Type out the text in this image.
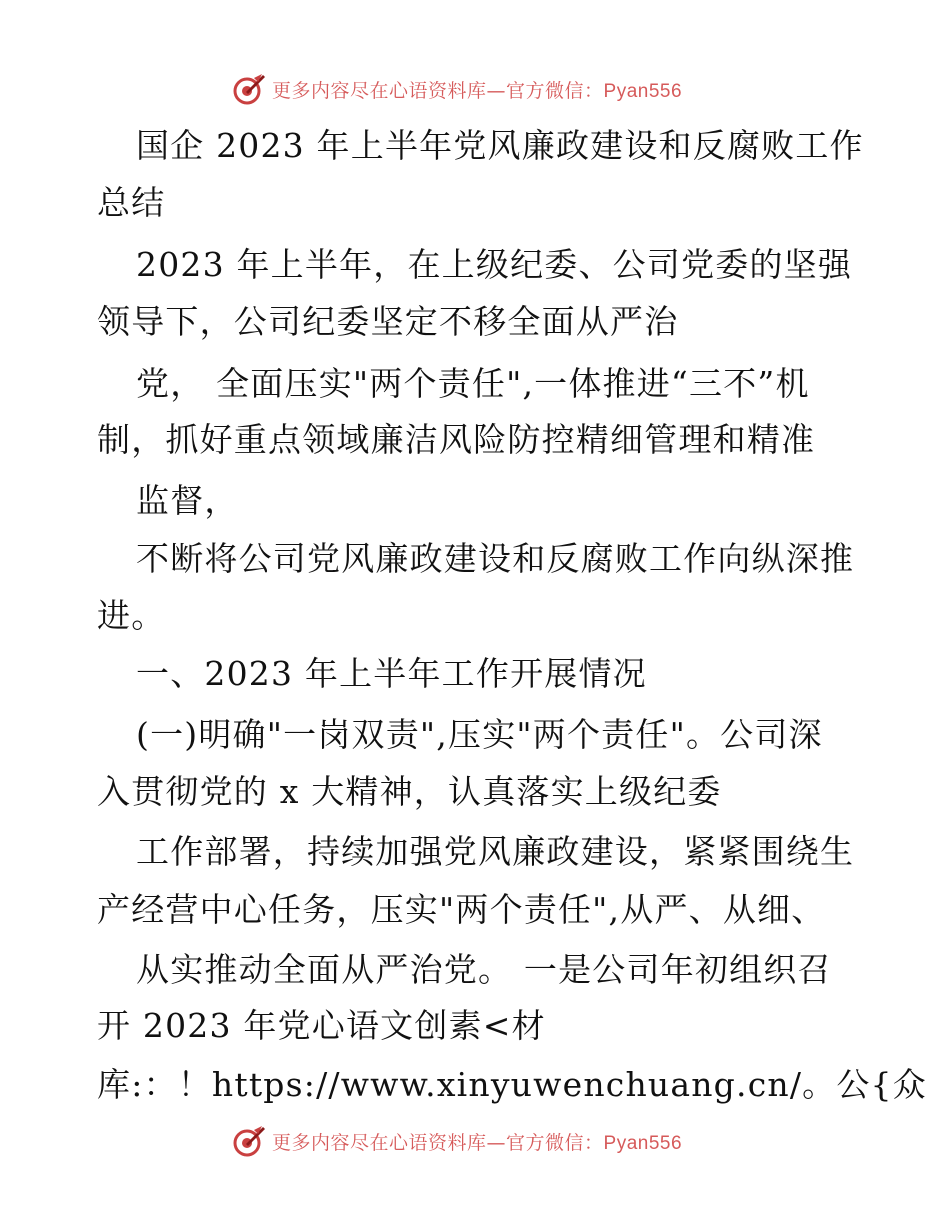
更多内容尽在心语资料库—官方微信：Pyan556
国企 2023 年上半年党风廉政建设和反腐败工作
总结
2023 年上半年，在上级纪委、公司党委的坚强
领导下，公司纪委坚定不移全面从严治
党， 全面压实"两个责任",一体推进“三不”机
制，抓好重点领域廉洁风险防控精细管理和精准
监督，
不断将公司党风廉政建设和反腐败工作向纵深推
进。
一、2023 年上半年工作开展情况
(一)明确"一岗双责",压实"两个责任"。公司深
入贯彻党的 x 大精神，认真落实上级纪委
工作部署，持续加强党风廉政建设，紧紧围绕生
产经营中心任务，压实"两个责任",从严、从细、
从实推动全面从严治党。 一是公司年初组织召
开 2023 年党心语文创素<材
库:：！https://www.xinyuwenchuang.cn/。公{众
更多内容尽在心语资料库—官方微信：Pyan556
